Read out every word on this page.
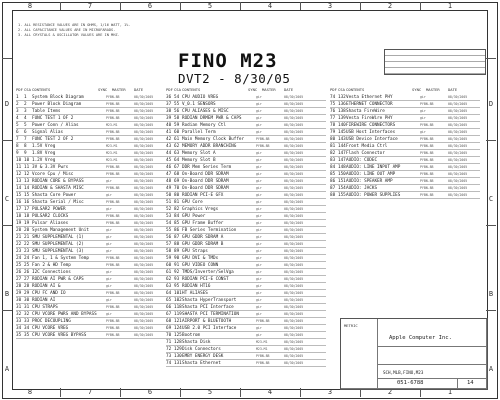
8	7	6	5	4	3	2	1
8	7	6	5	4	3	2	1
D
C
B
A
D
C
B
A
1. ALL RESISTANCE VALUES ARE IN OHMS, 1/16 WATT, 1%.
2. ALL CAPACITANCE VALUES ARE IN MICROFARADS.
3. ALL CRYSTALS & OSCILLATOR VALUES ARE IN MHZ.
FINO M23
DVT2 - 8/30/05
PDF CSA CONTENTS	SYNC MASTER DATE
1 1 System Block Diagram	PYBN-8B	08/30/2005
2 2 Power Block Diagram	PYBN-8B	08/30/2005
3 3 Table Items	PYBN-8B	08/30/2005
4 4 FUNC TEST 1 OF 2	PYBN-8B	08/30/2005
5 5 Power Conn / Alias	M23-M1	08/30/2005
6 6 Signal Alias	PYBN-8B	08/30/2005
7 7 FUNC TEST 2 OF 2	PYBN-8B	08/30/2005
8 8 1.5V Vreg	M23-M1	08/30/2005
9 9 1.8V Vreg	M23-M1	08/30/2005
10 10 1.2V Vreg	M23-M1	08/30/2005
11 11 3V & 3.3V Pwrs	PYBN-8B	08/30/2005
12 12 Vcore Cpu / Misc	PYBN-8B	08/30/2005
13 13 RODIAN CORE & BYPASS	gir	08/30/2005
14 14 RODIAN & SHASTA MISC	PYBN-8B	08/30/2005
15 15 Shasta Core Power	gir	08/30/2005
16 16 Shasta Serial / Misc	PYBN-8B	08/30/2005
17 17 PULSAR2 POWER	gir	08/30/2005
18 18 PULSAR2 CLOCKS	PYBN-8B	08/30/2005
19 19 Pulsar Aliases	PYBN-8B	08/30/2005
20 20 System Management Unit	gir	08/30/2005
21 21 SMU SUPPLEMENTAL (1)	gir	08/30/2005
22 22 SMU SUPPLEMENTAL (2)	gir	08/30/2005
23 23 SMU SUPPLEMENTAL (3)	gir	08/30/2005
24 24 Fan 1, 1 & System Temp	PYBN-8B	08/30/2005
25 25 Fan 2 & HD Temp	PYBN-8B	08/30/2005
26 26 I2C Connections	gir	08/30/2005
27 27 RODIAN AI PWR & CAPS	gir	08/30/2005
28 28 RODIAN AI &	gir	08/30/2005
29 29 CPU FC AND IO	PYBN-8B	08/30/2005
30 30 RODIAN AI	gir	08/30/2005
31 31 CPU STRAPS	PYBN-8B	08/30/2005
32 32 CPU VCORE PWRS AND BYPASS	gir	08/30/2005
33 33 PROC DECOUPLING	PYBN-8B	08/30/2005
34 34 CPU VCORE VREG	PYBN-8B	08/30/2005
35 35 CPU VCORE VREG BYPASS	PYBN-8B	08/30/2005
PDF CSA CONTENTS	SYNC MASTER DATE
36 54 CPU AUDIO VREG	gir	08/30/2005
37 55 V_0.1 SENSORS	gir	08/30/2005
38 56 CPU ALIASES & MISC	gir	08/30/2005
39 58 RODIAN DRMEM PWR & CAPS	gir	08/30/2005
40 59 Rodian Memory Ctl	gir	08/30/2005
41 60 Parallel Term	gir	08/30/2005
42 61 Main Memory Clock Buffer	PYBN-8B	08/30/2005
43 62 MEMORY ADDR BRANCHING	PYBN-8B	08/30/2005
44 63 Memory Slot A	gir	08/30/2005
45 64 Memory Slot B	gir	08/30/2005
46 67 DDR Mem Series Term	gir	08/30/2005
47 68 On-Board DDR SDRAM	gir	08/30/2005
48 69 On-Board DDR SDRAM	gir	08/30/2005
49 70 On-Board DDR SDRAM	gir	08/30/2005
50 80 RODIAN PCI-E GFX	gir	08/30/2005
51 81 GPU Core	gir	08/30/2005
52 82 Graphics Vregs	gir	08/30/2005
53 84 GPU Power	gir	08/30/2005
54 85 GPU Frame Buffer	gir	08/30/2005
55 86 FB Series Termination	gir	08/30/2005
56 87 GPU GDDR SDRAM A	gir	08/30/2005
57 88 GPU GDDR SDRAM B	gir	08/30/2005
58 89 GPU Straps	gir	08/30/2005
59 90 GPU DVI & TMDs	gir	08/30/2005
60 91 GPU VIDEO CONN	gir	08/30/2005
61 92 TMDS/Inverter/SelVga	gir	08/30/2005
62 93 RODIAN PCI-E CONST	gir	08/30/2005
63 95 RODIAN HT16	gir	08/30/2005
64 101 HT ALIASES	gir	08/30/2005
65 102 Shasta HyperTransport	gir	08/30/2005
66 118 Shasta PCI Interface	gir	08/30/2005
67 119 SHASTA PCI TERMINATION	gir	08/30/2005
68 121 AIRPORT & BLUETOOTH	PYBN-8B	08/30/2005
69 124 USB 2.0 PCI Interface	gir	08/30/2005
70 125 Bootrom	gir	08/30/2005
71 128 Shasta Disk	M23-M1	08/30/2005
72 129 Disk Connectors	M23-M1	08/30/2005
73 130 EMBY ENERGY DESK	PYBN-8B	08/30/2005
74 131 Shasta Ethernet	PYBN-8B	08/30/2005
PDF CSA CONTENTS	SYNC MASTER DATE
74 132 Vesta Ethernet PHY	gir	08/30/2005
75 136 ETHERNET CONNECTOR	PYBN-8B	08/30/2005
76 138 Shasta FireWire	gir	08/30/2005
77 139 Vesta FireWire PHY	gir	08/30/2005
78 140 FIREWIRE CONNECTORS	PYBN-8B	08/30/2005
79 145 USB Host Interfaces	gir	08/30/2005
80 143 USB Device Interface	PYBN-8B	08/30/2005
81 144 Front Media Ctrl	PYBN-8B	08/30/2005
82 147 Flash Connector	PYBN-8B	08/30/2005
83 147 AUDIO: CODEC	PYBN-8B	08/30/2005
84 148 AUDIO: LINE INPUT AMP	PYBN-8B	08/30/2005
85 150 AUDIO: LINE OUT AMP	PYBN-8B	08/30/2005
86 151 AUDIO: SPEAKER AMP	PYBN-8B	08/30/2005
87 154 AUDIO: JACKS	PYBN-8B	08/30/2005
88 155 AUDIO: POWER SUPPLIES	PYBN-8B	08/30/2005
METRIC
Apple Computer Inc.
SCH,MLB,FINO,M23
051-6788	14
